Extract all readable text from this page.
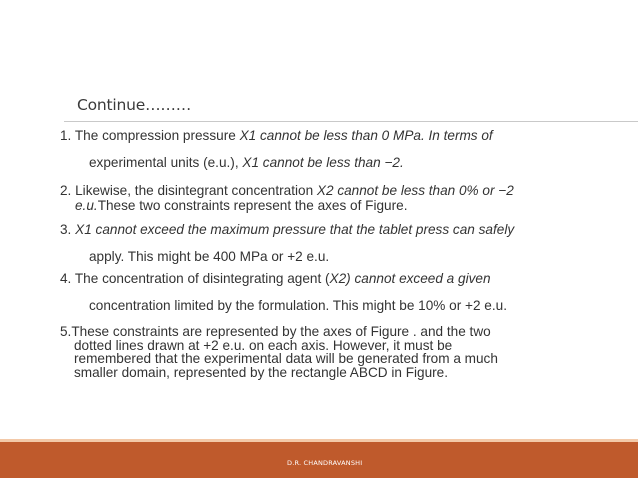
Continue………
1. The compression pressure X1 cannot be less than 0 MPa. In terms of
experimental units (e.u.), X1 cannot be less than −2.
2. Likewise, the disintegrant concentration X2 cannot be less than 0% or −2
e.u.These two constraints represent the axes of Figure.
3. X1 cannot exceed the maximum pressure that the tablet press can safely
apply. This might be 400 MPa or +2 e.u.
4. The concentration of disintegrating agent (X2) cannot exceed a given
concentration limited by the formulation. This might be 10% or +2 e.u.
5.These constraints are represented by the axes of Figure . and the two
dotted lines drawn at +2 e.u. on each axis. However, it must be
remembered that the experimental data will be generated from a much
smaller domain, represented by the rectangle ABCD in Figure.
D.R. CHANDRAVANSHI
